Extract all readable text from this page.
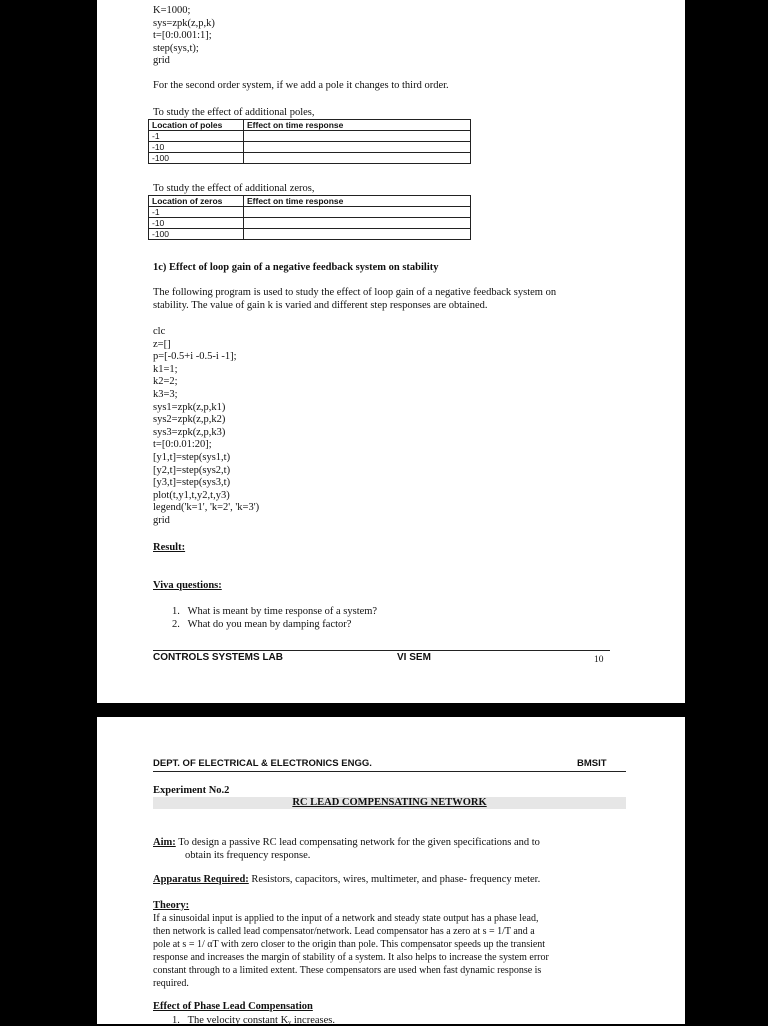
K=1000;
sys=zpk(z,p,k)
t=[0:0.001:1];
step(sys,t);
grid
For the second order system, if we add a pole it changes to third order.
To study the effect of additional poles,
Location of poles	Effect on time response
-1	
-10	
-100	
To study the effect of additional zeros,
Location of zeros	Effect on time response
-1	
-10	
-100	
1c) Effect of loop gain of a negative feedback system on stability
The following program is used to study the effect of loop gain of a negative feedback system on
stability. The value of gain k is varied and different step responses are obtained.
clc
z=[]
p=[-0.5+i -0.5-i -1];
k1=1;
k2=2;
k3=3;
sys1=zpk(z,p,k1)
sys2=zpk(z,p,k2)
sys3=zpk(z,p,k3)
t=[0:0.01:20];
[y1,t]=step(sys1,t)
[y2,t]=step(sys2,t)
[y3,t]=step(sys3,t)
plot(t,y1,t,y2,t,y3)
legend('k=1', 'k=2', 'k=3')
grid
Result:
Viva questions:
1. What is meant by time response of a system?
2. What do you mean by damping factor?
CONTROLS SYSTEMS LAB	VI SEM	10
DEPT. OF ELECTRICAL & ELECTRONICS ENGG.	BMSIT
Experiment No.2
RC LEAD COMPENSATING NETWORK
Aim: To design a passive RC lead compensating network for the given specifications and to
obtain its frequency response.
Apparatus Required: Resistors, capacitors, wires, multimeter, and phase- frequency meter.
Theory:
If a sinusoidal input is applied to the input of a network and steady state output has a phase lead,
then network is called lead compensator/network. Lead compensator has a zero at s = 1/T and a
pole at s = 1/ αT with zero closer to the origin than pole. This compensator speeds up the transient
response and increases the margin of stability of a system. It also helps to increase the system error
constant through to a limited extent. These compensators are used when fast dynamic response is
required.
Effect of Phase Lead Compensation
1. The velocity constant Kᵥ increases.
